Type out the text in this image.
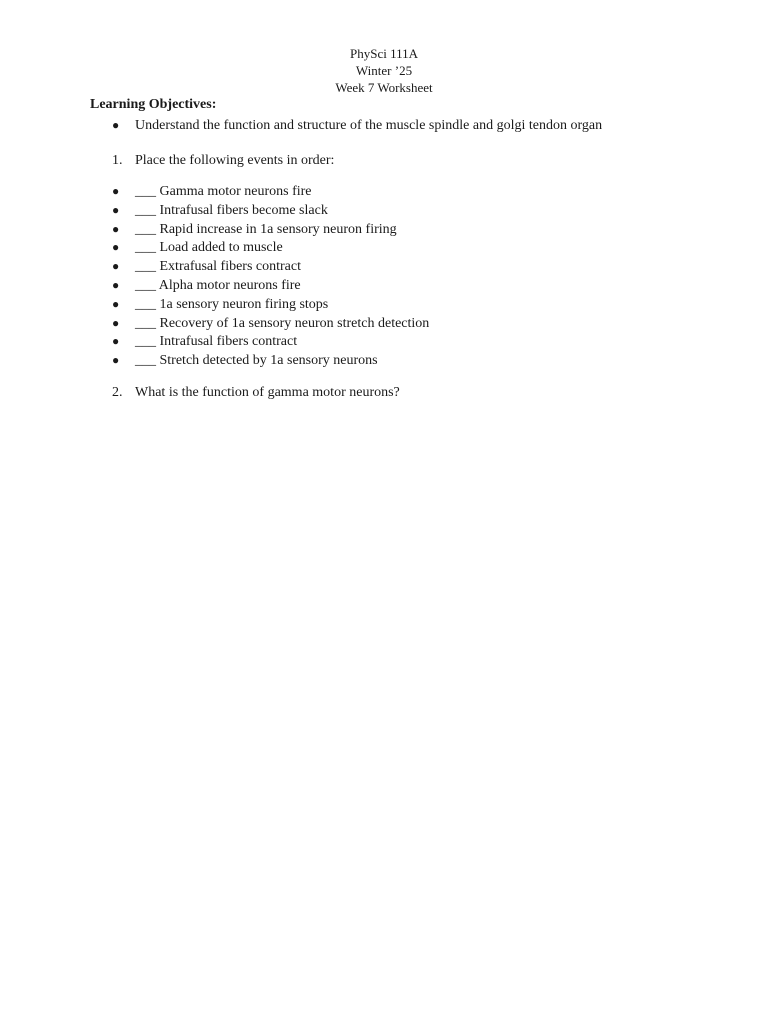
PhySci 111A
Winter ’25
Week 7 Worksheet
Learning Objectives:
● Understand the function and structure of the muscle spindle and golgi tendon organ
1. Place the following events in order:
● ___ Gamma motor neurons fire
● ___ Intrafusal fibers become slack
● ___ Rapid increase in 1a sensory neuron firing
● ___ Load added to muscle
● ___ Extrafusal fibers contract
● ___ Alpha motor neurons fire
● ___ 1a sensory neuron firing stops
● ___ Recovery of 1a sensory neuron stretch detection
● ___ Intrafusal fibers contract
● ___ Stretch detected by 1a sensory neurons
2. What is the function of gamma motor neurons?
